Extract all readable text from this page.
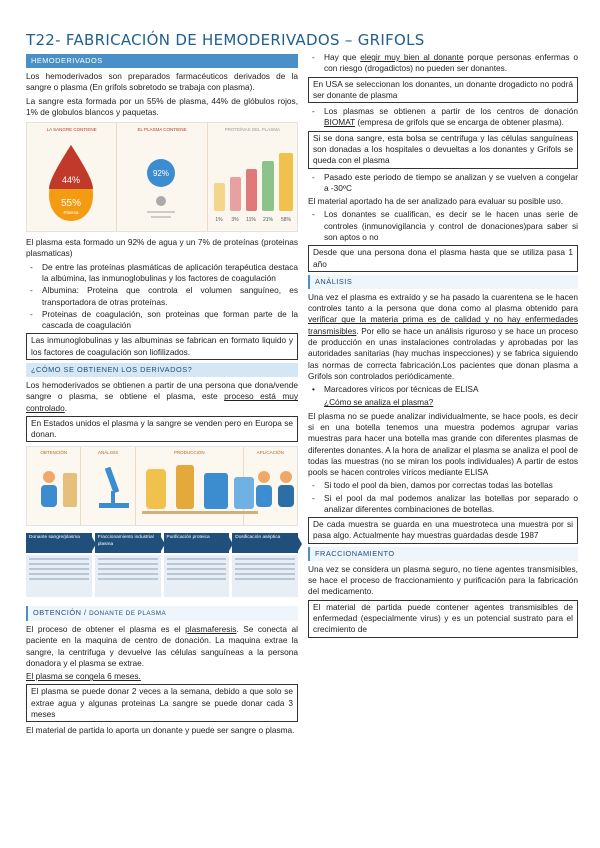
T22- FABRICACIÓN DE HEMODERIVADOS – GRIFOLS
HEMODERIVADOS

Los hemoderivados son preparados farmacéuticos derivados de la sangre o plasma (En grifols sobretodo se trabaja con plasma).

La sangre esta formada por un 55% de plasma, 44% de glóbulos rojos, 1% de globulos blancos y paquetas.

LA SANGRE CONTIENE
44%
55%
Plasma
EL PLASMA CONTIENE
92%
PROTEÍNAS DEL PLASMA
1% 3% 11% 21% 58%

El plasma esta formado un 92% de agua y un 7% de proteínas (proteinas plasmaticas)

- De entre las proteínas plasmáticas de aplicación terapéutica destaca la albúmina, las inmunoglobulinas y los factores de coagulación
- Albumina: Proteina que controla el volumen sanguíneo, es transportadora de otras proteínas.
- Proteinas de coagulación, son proteinas que forman parte de la cascada de coagulación
Las inmunoglobulinas y las albuminas se fabrican en formato liquido y los factores de coagulación son liofilizados.
¿CÓMO SE OBTIENEN LOS DERIVADOS?

Los hemoderivados se obtienen a partir de una persona que dona/vende sangre o plasma, se obtiene el plasma, este proceso está muy controlado.

En Estados unidos el plasma y la sangre se venden pero en Europa se donan.
OBTENCIÓN	ANÁLISIS	PRODUCCIÓN	APLICACIÓN
Donante sangre/plasma	Fraccionamiento industrial plasma
Purificación proteica	Dosificación aséptica
OBTENCIÓN / DONANTE DE PLASMA

El proceso de obtener el plasma es el plasmaferesis. Se conecta al paciente en la maquina de centro de donación. La maquina extrae la sangre, la centrifuga y devuelve las células sanguíneas a la persona donadora y el plasma se extrae.

El plasma se congela 6 meses.

El plasma se puede donar 2 veces a la semana, debido a que solo se extrae agua y algunas proteinas La sangre se puede donar cada 3 meses

El material de partida lo aporta un donante y puede ser sangre o plasma.

- Hay que elegir muy bien al donante porque personas enfermas o con riesgo (drogadictos) no pueden ser donantes.
En USA se seleccionan los donantes, un donante drogadicto no podrá ser donante de plasma
- Los plasmas se obtienen a partir de los centros de donación BIOMAT (empresa de grifols que se encarga de obtener plasma).
Si se dona sangre, esta bolsa se centrifuga y las células sanguíneas son donadas a los hospitales o devueltas a los donantes y Grifols se queda con el plasma
- Pasado este periodo de tiempo se analizan y se vuelven a congelar a -30ºC

El material aportado ha de ser analizado para evaluar su posible uso.

- Los donantes se cualifican, es decir se le hacen unas serie de controles (inmunovigilancia y control de donaciones)para saber si son aptos o no
Desde que una persona dona el plasma hasta que se utiliza pasa 1 año
ANÁLISIS

Una vez el plasma es extraído y se ha pasado la cuarentena se le hacen controles tanto a la persona que dona como al plasma obtenido para verificar que la materia prima es de calidad y no hay enfermedades transmisibles. Por ello se hace un análisis riguroso y se hace un proceso de producción en unas instalaciones controladas y aprobadas por las autoridades sanitarias (hay muchas inspecciones) y se fabrica siguiendo las normas de correcta fabricación.Los pacientes que donan plasma a Grifols son controlados periódicamente.

• Marcadores víricos por técnicas de ELISA

¿Cómo se analiza el plasma?

El plasma no se puede analizar individualmente, se hace pools, es decir si en una botella tenemos una muestra podemos agrupar varias muestras para hacer una botella mas grande con diferentes plasmas de diferentes donantes. A la hora de analizar el plasma se analiza el pool de todas las muestras (no se miran los pools individuales) A partir de estos pools se hacen controles víricos mediante ELISA

- Si todo el pool da bien, damos por correctas todas las botellas
- Si el pool da mal podemos analizar las botellas por separado o analizar diferentes combinaciones de botellas.
De cada muestra se guarda en una muestroteca una muestra por si pasa algo. Actualmente hay muestras guardadas desde 1987
FRACCIONAMIENTO

Una vez se considera un plasma seguro, no tiene agentes transmisibles, se hace el proceso de fraccionamiento y purificación para la fabricación del medicamento.

El material de partida puede contener agentes transmisibles de enfermedad (especialmente virus) y es un potencial sustrato para el crecimiento de
